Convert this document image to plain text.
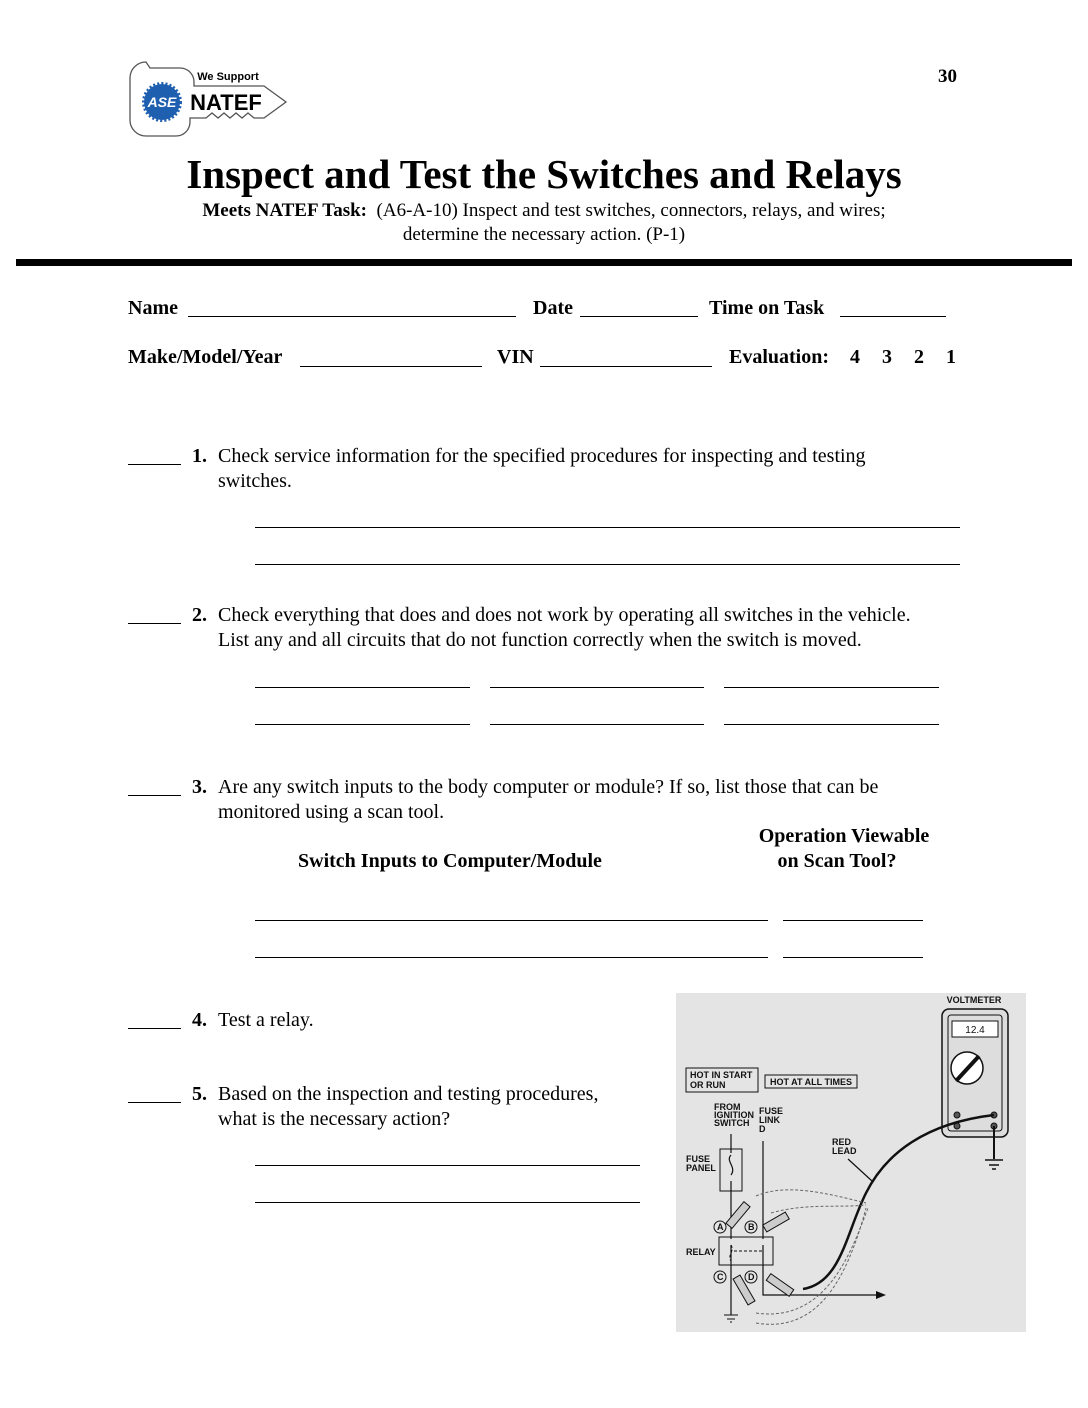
ASE
We Support
NATEF
30
Inspect and Test the Switches and Relays
Meets NATEF Task: (A6-A-10) Inspect and test switches, connectors, relays, and wires;
determine the necessary action. (P-1)
Name	Date	Time on Task
Make/Model/Year	VIN	Evaluation: 4 3 2 1
1. Check service information for the specified procedures for inspecting and testing
switches.
2. Check everything that does and does not work by operating all switches in the vehicle.
List any and all circuits that do not function correctly when the switch is moved.
3. Are any switch inputs to the body computer or module? If so, list those that can be
monitored using a scan tool.
Switch Inputs to Computer/Module
Operation Viewable
on Scan Tool?
4. Test a relay.
5. Based on the inspection and testing procedures,
what is the necessary action?
VOLTMETER
12.4
HOT IN START
OR RUN	HOT AT ALL TIMES
FROM
IGNITION
SWITCH
FUSE
LINK
D
FUSE
PANEL
RED
LEAD
RELAY
A	B
C	D
